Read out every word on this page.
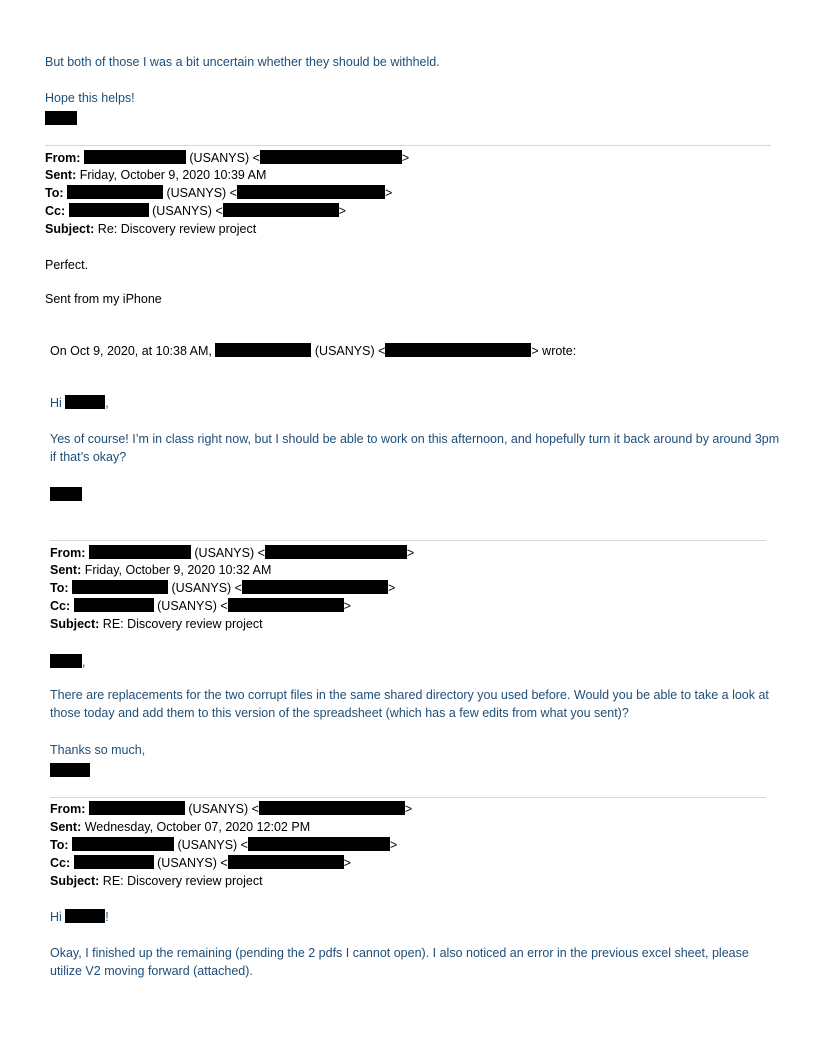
But both of those I was a bit uncertain whether they should be withheld.
Hope this helps!
From:	(USANYS) <	>
Sent: Friday, October 9, 2020 10:39 AM
To:	(USANYS) <	>
Cc:	(USANYS) <	>
Subject: Re: Discovery review project
Perfect.
Sent from my iPhone
On Oct 9, 2020, at 10:38 AM,	(USANYS) <	> wrote:
Hi	,
Yes of course! I’m in class right now, but I should be able to work on this afternoon, and hopefully turn it back around by around 3pm if that’s okay?
From:	(USANYS) <	>
Sent: Friday, October 9, 2020 10:32 AM
To:	(USANYS) <	>
Cc:	(USANYS) <	>
Subject: RE: Discovery review project
,
There are replacements for the two corrupt files in the same shared directory you used before. Would you be able to take a look at those today and add them to this version of the spreadsheet (which has a few edits from what you sent)?
Thanks so much,
From:	(USANYS) <	>
Sent: Wednesday, October 07, 2020 12:02 PM
To:	(USANYS) <	>
Cc:	(USANYS) <	>
Subject: RE: Discovery review project
Hi	!
Okay, I finished up the remaining (pending the 2 pdfs I cannot open). I also noticed an error in the previous excel sheet, please utilize V2 moving forward (attached).
